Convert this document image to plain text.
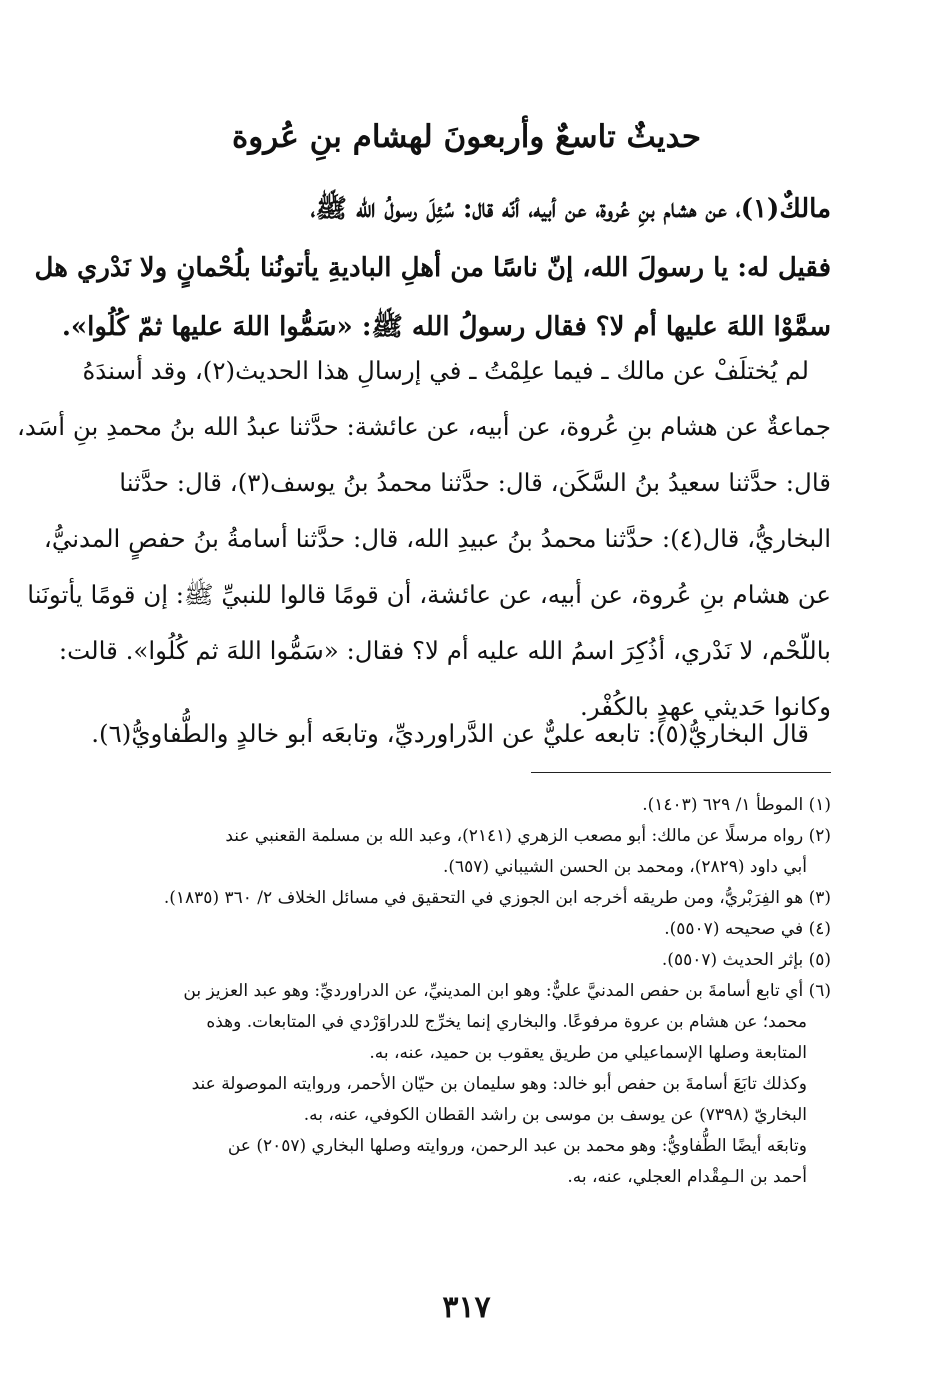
حديثٌ تاسعٌ وأربعونَ لهشام بنِ عُروة
مالكٌ(١)، عن هشام بنِ عُروة، عن أبيه، أنّه قال: سُئِلَ رسولُ الله ﷺ،
فقيل له: يا رسولَ الله، إنّ ناسًا من أهلِ الباديةِ يأتونُنا بلُحْمانٍ ولا نَدْري هل
سمَّوْا اللهَ عليها أم لا؟ فقال رسولُ الله ﷺ: «سَمُّوا اللهَ عليها ثمّ كُلُوا».
لم يُختلَفْ عن مالك ـ فيما علِمْتُ ـ في إرسالِ هذا الحديث(٢)، وقد أسندَهُ
جماعةٌ عن هشام بنِ عُروة، عن أبيه، عن عائشة: حدَّثنا عبدُ الله بنُ محمدِ بنِ أسَد،
قال: حدَّثنا سعيدُ بنُ السَّكَن، قال: حدَّثنا محمدُ بنُ يوسف(٣)، قال: حدَّثنا
البخاريُّ، قال(٤): حدَّثنا محمدُ بنُ عبيدِ الله، قال: حدَّثنا أسامةُ بنُ حفصٍ المدنيُّ،
عن هشام بنِ عُروة، عن أبيه، عن عائشة، أن قومًا قالوا للنبيِّ ﷺ: إن قومًا يأتونَنا
باللّحْم، لا نَدْري، أذُكِرَ اسمُ الله عليه أم لا؟ فقال: «سَمُّوا اللهَ ثم كُلُوا». قالت:
وكانوا حَديثي عهدٍ بالكُفْر.
قال البخاريُّ(٥): تابعه عليٌّ عن الدَّراورديِّ، وتابعَه أبو خالدٍ والطُّفاويُّ(٦).
(١) الموطأ ١/ ٦٢٩ (١٤٠٣).
(٢) رواه مرسلًا عن مالك: أبو مصعب الزهري (٢١٤١)، وعبد الله بن مسلمة القعنبي عند
أبي داود (٢٨٢٩)، ومحمد بن الحسن الشيباني (٦٥٧).
(٣) هو الفِرَبْريُّ، ومن طريقه أخرجه ابن الجوزي في التحقيق في مسائل الخلاف ٢/ ٣٦٠ (١٨٣٥).
(٤) في صحيحه (٥٥٠٧).
(٥) بإثر الحديث (٥٥٠٧).
(٦) أي تابع أسامةَ بن حفص المدنيَّ عليٌّ: وهو ابن المدينيِّ، عن الدراورديِّ: وهو عبد العزيز بن
محمد؛ عن هشام بن عروة مرفوعًا. والبخاري إنما يخرِّج للدراوَرْدي في المتابعات. وهذه
المتابعة وصلها الإسماعيلي من طريق يعقوب بن حميد، عنه، به.
وكذلك تابَعَ أسامةَ بن حفص أبو خالد: وهو سليمان بن حيّان الأحمر، وروايته الموصولة عند
البخاريّ (٧٣٩٨) عن يوسف بن موسى بن راشد القطان الكوفي، عنه، به.
وتابعَه أيضًا الطُّفاويُّ: وهو محمد بن عبد الرحمن، وروايته وصلها البخاري (٢٠٥٧) عن
أحمد بن الـمِقْدام العجلي، عنه، به.
٣١٧
